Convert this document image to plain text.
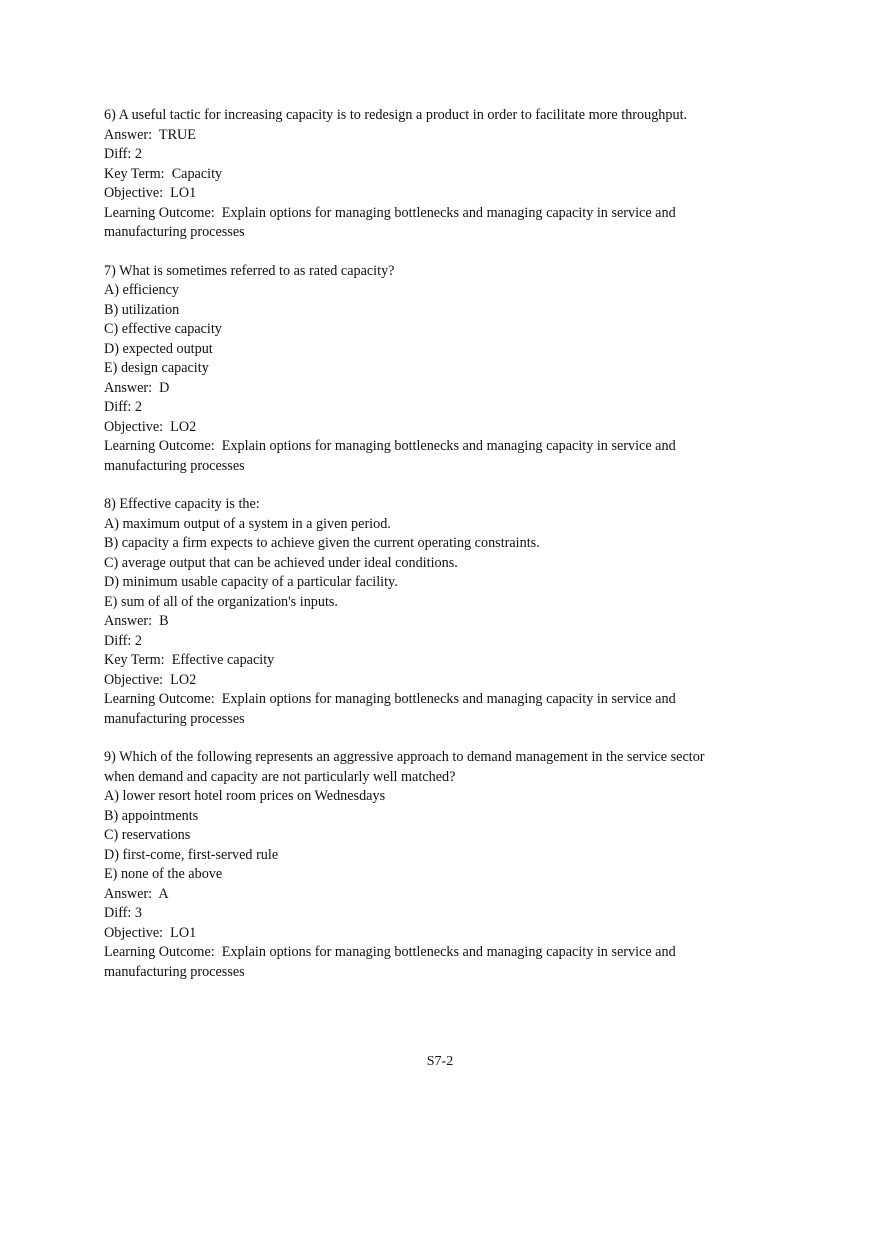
6) A useful tactic for increasing capacity is to redesign a product in order to facilitate more throughput.

Answer:  TRUE

Diff: 2

Key Term:  Capacity

Objective:  LO1

Learning Outcome:  Explain options for managing bottlenecks and managing capacity in service and

manufacturing processes

7) What is sometimes referred to as rated capacity?

A) efficiency

B) utilization

C) effective capacity

D) expected output

E) design capacity

Answer:  D

Diff: 2

Objective:  LO2

Learning Outcome:  Explain options for managing bottlenecks and managing capacity in service and

manufacturing processes

8) Effective capacity is the:

A) maximum output of a system in a given period.

B) capacity a firm expects to achieve given the current operating constraints.

C) average output that can be achieved under ideal conditions.

D) minimum usable capacity of a particular facility.

E) sum of all of the organization's inputs.

Answer:  B

Diff: 2

Key Term:  Effective capacity

Objective:  LO2

Learning Outcome:  Explain options for managing bottlenecks and managing capacity in service and

manufacturing processes

9) Which of the following represents an aggressive approach to demand management in the service sector

when demand and capacity are not particularly well matched?

A) lower resort hotel room prices on Wednesdays

B) appointments

C) reservations

D) first-come, first-served rule

E) none of the above

Answer:  A

Diff: 3

Objective:  LO1

Learning Outcome:  Explain options for managing bottlenecks and managing capacity in service and

manufacturing processes

S7-2
